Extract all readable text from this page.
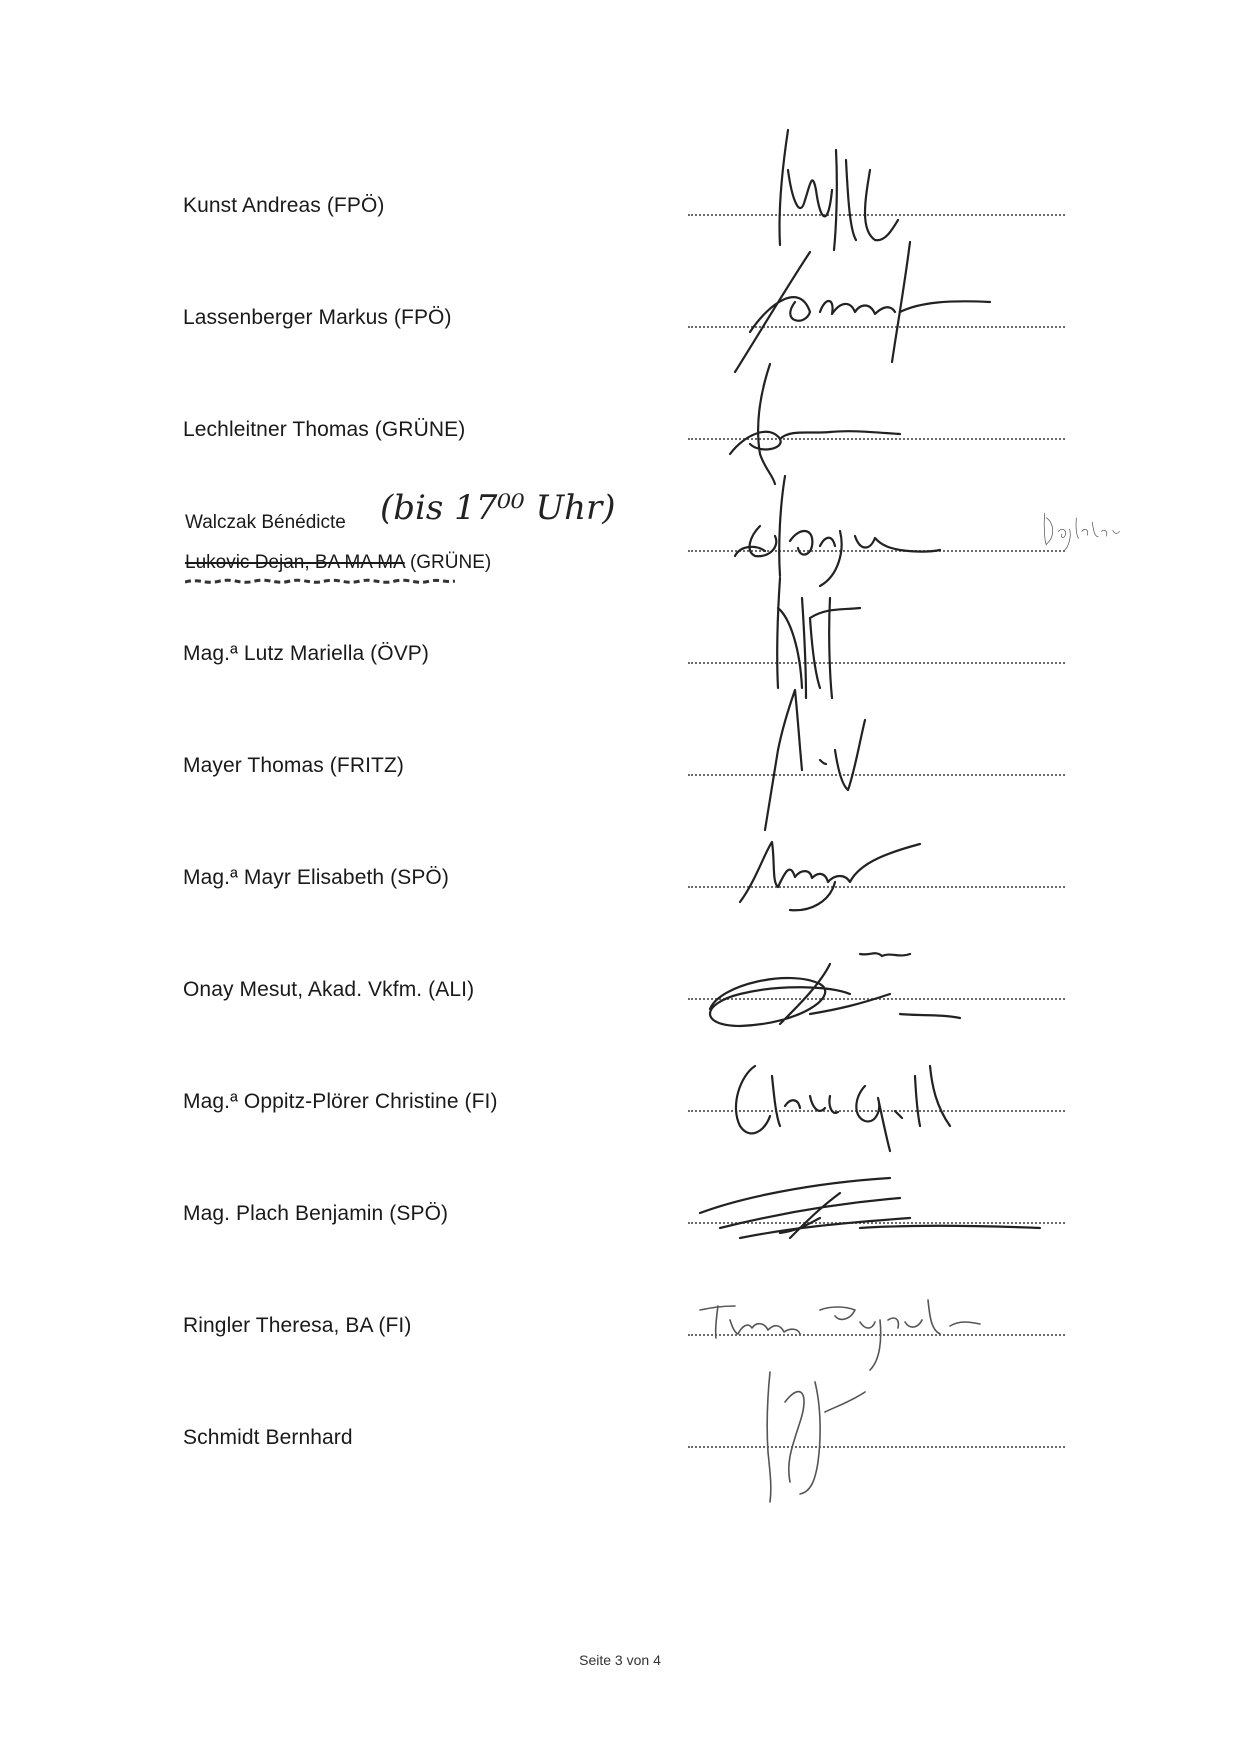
Kunst Andreas (FPÖ)
Lassenberger Markus (FPÖ)
Lechleitner Thomas (GRÜNE)
(bis 17⁰⁰ Uhr)
Walczak Bénédicte
Lukovic Dejan, BA MA MA (GRÜNE)
Mag.ª Lutz Mariella (ÖVP)
Mayer Thomas (FRITZ)
Mag.ª Mayr Elisabeth (SPÖ)
Onay Mesut, Akad. Vkfm. (ALI)
Mag.ª Oppitz-Plörer Christine (FI)
Mag. Plach Benjamin (SPÖ)
Ringler Theresa, BA (FI)
Schmidt Bernhard
Seite 3 von 4
